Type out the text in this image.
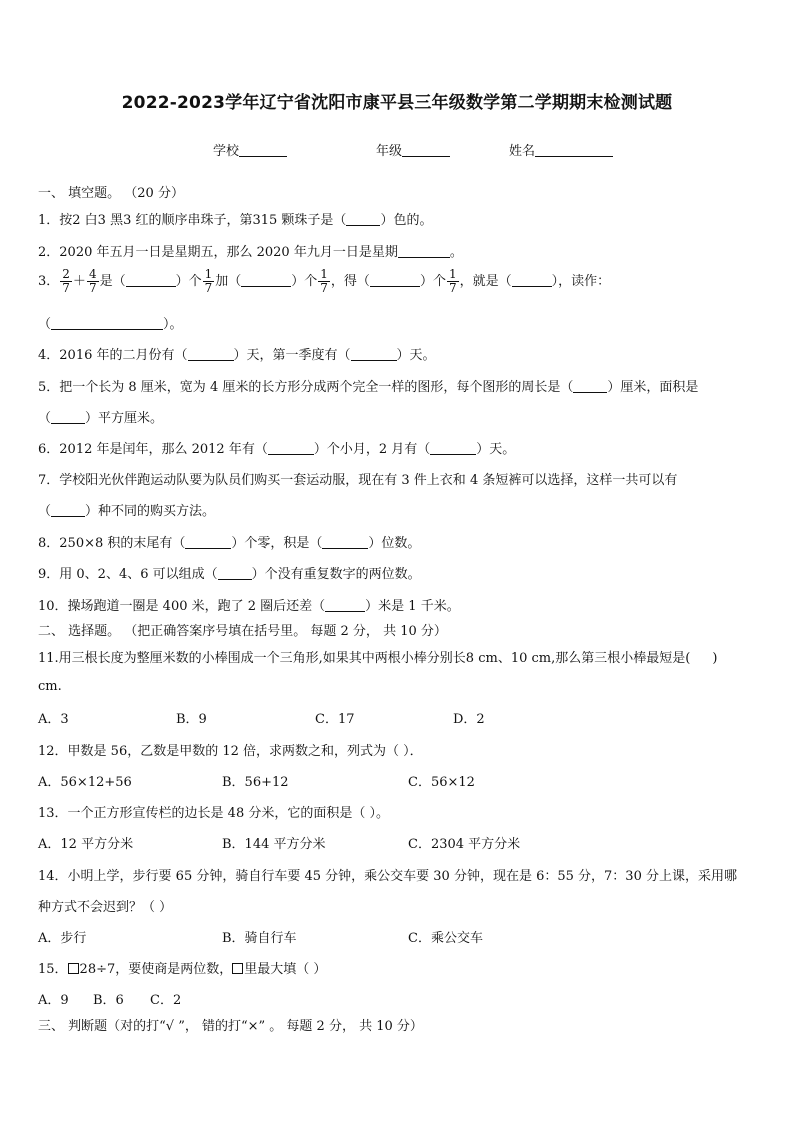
2022-2023学年辽宁省沈阳市康平县三年级数学第二学期期末检测试题
学校	年级	姓名
一、 填空题。 （20 分）
1．按2 白3 黑3 红的顺序串珠子，第315 颗珠子是（	）色的。
2．2020 年五月一日是星期五，那么 2020 年九月一日是星期	。
3． $\frac{2}{7} + \frac{4}{7}$ 是（	）个 $\frac{1}{7}$ 加（	）个 $\frac{1}{7}$ ，得（	）个 $\frac{1}{7}$ ，就是（	），读作：
（	）。
4．2016 年的二月份有（	）天，第一季度有（	）天。
5．把一个长为 8 厘米，宽为 4 厘米的长方形分成两个完全一样的图形，每个图形的周长是（	）厘米，面积是
（	）平方厘米。
6．2012 年是闰年，那么 2012 年有（	）个小月，2 月有（	）天。
7．学校阳光伙伴跑运动队要为队员们购买一套运动服，现在有 3 件上衣和 4 条短裤可以选择，这样一共可以有
（	）种不同的购买方法。
8．250×8 积的末尾有（	）个零，积是（	）位数。
9．用 0、2、4、6 可以组成（	）个没有重复数字的两位数。
10．操场跑道一圈是 400 米，跑了 2 圈后还差（	）米是 1 千米。
二、 选择题。 （把正确答案序号填在括号里。 每题 2 分， 共 10 分）
11.用三根长度为整厘米数的小棒围成一个三角形,如果其中两根小棒分别长8 cm、10 cm,那么第三根小棒最短是( )
cm.
A．3	B．9	C．17	D．2
12．甲数是 56，乙数是甲数的 12 倍，求两数之和，列式为（ ）．
A．56×12+56	B．56+12	C．56×12
13．一个正方形宣传栏的边长是 48 分米，它的面积是（ ）。
A．12 平方分米	B．144 平方分米	C．2304 平方分米
14．小明上学，步行要 65 分钟，骑自行车要 45 分钟，乘公交车要 30 分钟，现在是 6：55 分，7：30 分上课，采用哪
种方式不会迟到？（ ）
A．步行	B．骑自行车	C．乘公交车
15． 28÷7，要使商是两位数， 里最大填（ ）
A．9 B．6 C．2
三、 判断题（对的打“√ ”， 错的打“×” 。 每题 2 分， 共 10 分）
